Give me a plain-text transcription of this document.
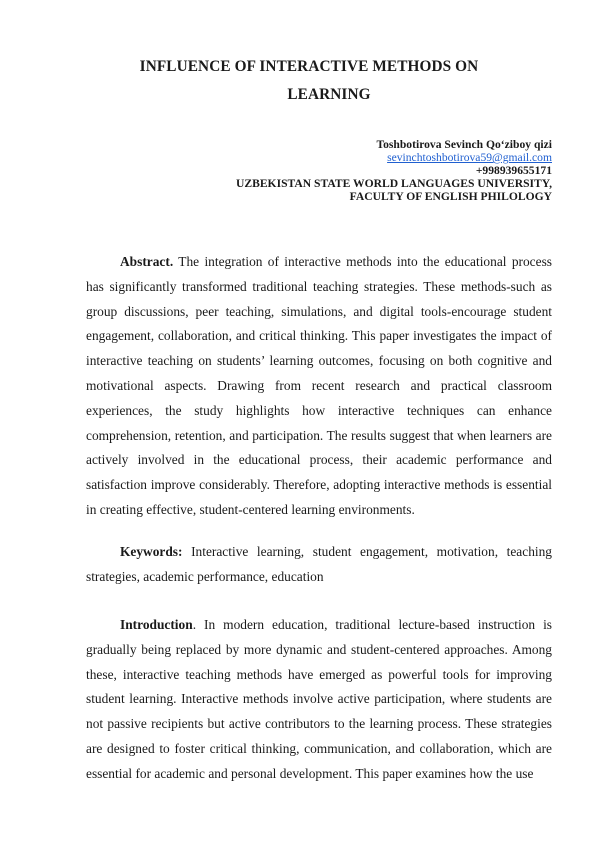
INFLUENCE OF INTERACTIVE METHODS ON
LEARNING
Toshbotirova Sevinch Qo‘ziboy qizi
sevinchtoshbotirova59@gmail.com
+998939655171
UZBEKISTAN STATE WORLD LANGUAGES UNIVERSITY,
FACULTY OF ENGLISH PHILOLOGY

Abstract. The integration of interactive methods into the educational process has significantly transformed traditional teaching strategies. These methods-such as group discussions, peer teaching, simulations, and digital tools-encourage student engagement, collaboration, and critical thinking. This paper investigates the impact of interactive teaching on students’ learning outcomes, focusing on both cognitive and motivational aspects. Drawing from recent research and practical classroom experiences, the study highlights how interactive techniques can enhance comprehension, retention, and participation. The results suggest that when learners are actively involved in the educational process, their academic performance and satisfaction improve considerably. Therefore, adopting interactive methods is essential in creating effective, student-centered learning environments.

Keywords: Interactive learning, student engagement, motivation, teaching strategies, academic performance, education

Introduction. In modern education, traditional lecture-based instruction is gradually being replaced by more dynamic and student-centered approaches. Among these, interactive teaching methods have emerged as powerful tools for improving student learning. Interactive methods involve active participation, where students are not passive recipients but active contributors to the learning process. These strategies are designed to foster critical thinking, communication, and collaboration, which are essential for academic and personal development. This paper examines how the use
